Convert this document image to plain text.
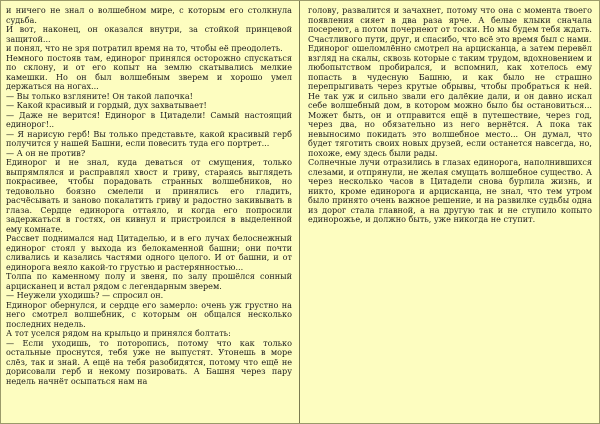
и ничего не знал о волшебном мире, с которым его столкнула судьба.

И вот, наконец, он оказался внутри, за стойкой принцевой защитой...

и понял, что не зря потратил время на то, чтобы её преодолеть.

Немного постояв там, единорог принялся осторожно спускаться по склону, и от его копыт на землю скатывались мелкие камешки. Но он был волшебным зверем и хорошо умел держаться на ногах...

— Вы только взгляните! Он такой лапочка!

— Какой красивый и гордый, дух захватывает!

— Даже не верится! Единорог в Цитадели! Самый настоящий единорог!..

— Я нарисую герб! Вы только представьте, какой красивый герб получится у нашей Башни, если повесить туда его портрет...

— А он не против?

Единорог и не знал, куда деваться от смущения, только выпрямлялся и расправлял хвост и гриву, стараясь выглядеть покрасивее, чтобы порадовать странных волшебников, но тедовольно боязно смелели и принялись его гладить, расчёсывать и заново покалатить гриву и радостно закивывать в глаза. Сердце единорога оттаяло, и когда его попросили задержаться в гостях, он кивнул и пристроился в выделенной ему комнате.

Рассвет поднимался над Цитаделью, и в его лучах белоснежный единорог стоял у выхода из белокаменной башни; они почти сливались и казались частями одного целого. И от башни, и от единорога веяло какой-то грустью и растерянностью...

Толпа по каменному полу и звеня, по залу прошёлся сонный арцисканец и встал рядом с легендарным зверем.

— Неужели уходишь? — спросил он.

Единорог обернулся, и сердце его замерло: очень уж грустно на него смотрел волшебник, с которым он общался несколько последних недель.

А тот уселся рядом на крыльцо и принялся болтать:

— Если уходишь, то поторопись, потому что как только остальные проснутся, тебя уже не выпустят. Утонешь в море слёз, так и знай. А ещё на тебя разобидятся, потому что ещё не дорисовали герб и некому позировать. А Башня через пару недель начнёт осыпаться нам на

голову, развалится и зачахнет, потому что она с момента твоего появления сияет в два раза ярче. А белые клыки сначала посереют, а потом почернеют от тоски. Но мы будем тебя ждать. Счастливого пути, друг, и спасибо, что всё это время был с нами.

Единорог ошеломлённо смотрел на арцисканца, а затем перевёл взгляд на скалы, сквозь которые с таким трудом, вдохновением и любопытством пробирался, и вспомнил, как хотелось ему попасть в чудесную Башню, и как было не страшно перепрыгивать через крутые обрывы, чтобы пробраться к ней. Не так уж и сильно звали его далёкие дали, и он давно искал себе волшебный дом, в котором можно было бы остановиться... Может быть, он и отправится ещё в путешествие, через год, через два, но обязательно из него вернётся. А пока так невыносимо покидать это волшебное место... Он думал, что будет тяготить своих новых друзей, если останется навсегда, но, похоже, ему здесь были рады.

Солнечные лучи отразились в глазах единорога, наполнившихся слезами, и отпрянули, не желая смущать волшебное существо. А через несколько часов в Цитадели снова бурлила жизнь, и никто, кроме единорога и арцисканца, не знал, что тем утром было принято очень важное решение, и на развилке судьбы одна из дорог стала главной, а на другую так и не ступило копыто единорожье, и должно быть, уже никогда не ступит.
